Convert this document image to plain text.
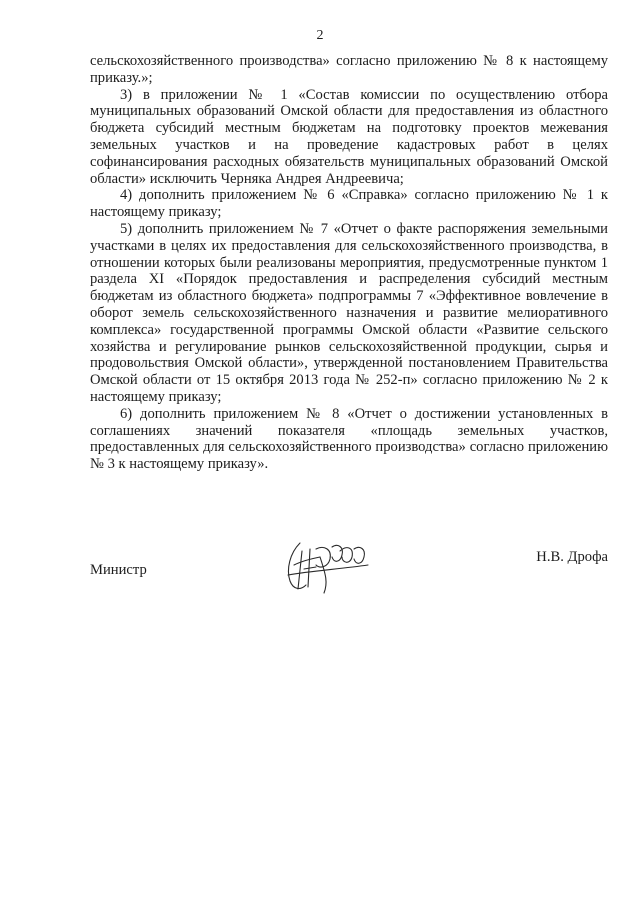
2

сельскохозяйственного производства» согласно приложению № 8 к настоящему приказу.»;

3) в приложении № 1 «Состав комиссии по осуществлению отбора муниципальных образований Омской области для предоставления из областного бюджета субсидий местным бюджетам на подготовку проектов межевания земельных участков и на проведение кадастровых работ в целях софинансирования расходных обязательств муниципальных образований Омской области» исключить Черняка Андрея Андреевича;

4) дополнить приложением № 6 «Справка» согласно приложению № 1 к настоящему приказу;

5) дополнить приложением № 7 «Отчет о факте распоряжения земельными участками в целях их предоставления для сельскохозяйственного производства, в отношении которых были реализованы мероприятия, предусмотренные пунктом 1 раздела XI «Порядок предоставления и распределения субсидий местным бюджетам из областного бюджета» подпрограммы 7 «Эффективное вовлечение в оборот земель сельскохозяйственного назначения и развитие мелиоративного комплекса» государственной программы Омской области «Развитие сельского хозяйства и регулирование рынков сельскохозяйственной продукции, сырья и продовольствия Омской области», утвержденной постановлением Правительства Омской области от 15 октября 2013 года № 252-п» согласно приложению № 2 к настоящему приказу;

6) дополнить приложением № 8 «Отчет о достижении установленных в соглашениях значений показателя «площадь земельных участков, предоставленных для сельскохозяйственного производства» согласно приложению № 3 к настоящему приказу».

Министр
Н.В. Дрофа
